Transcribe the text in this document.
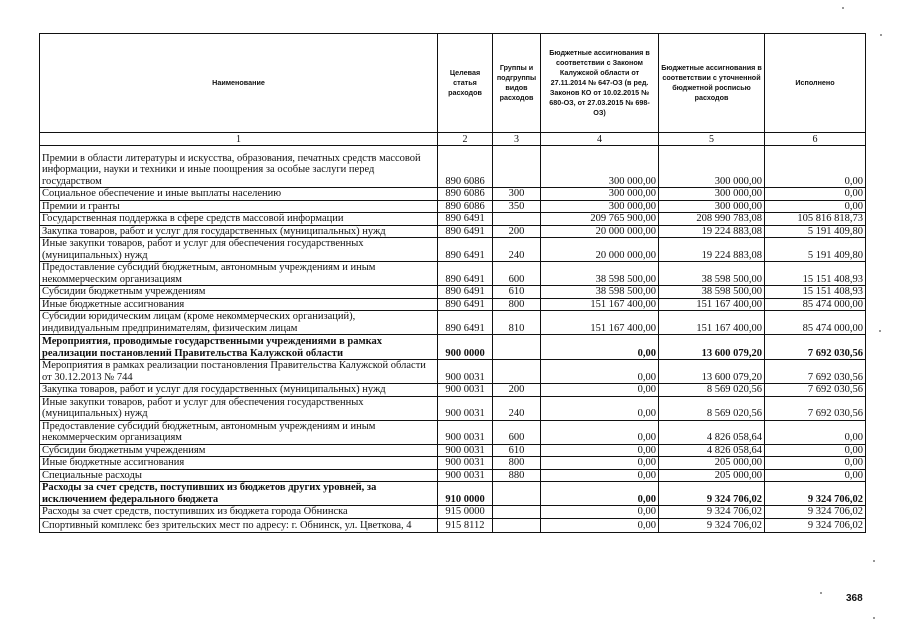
Наименование	Целевая статья расходов	Группы и подгруппы видов расходов	Бюджетные ассигнования в соответствии с Законом Калужской области от 27.11.2014 № 647-ОЗ (в ред. Законов КО от 10.02.2015 № 680-ОЗ, от 27.03.2015 № 698-ОЗ)	Бюджетные ассигнования в соответствии с уточненной бюджетной росписью расходов	Исполнено
1	2	3	4	5	6
Премии в области литературы и искусства, образования, печатных средств массовой информации, науки и техники и иные поощрения за особые заслуги перед государством	890 6086		300 000,00	300 000,00	0,00
Социальное обеспечение и иные выплаты населению	890 6086	300	300 000,00	300 000,00	0,00
Премии и гранты	890 6086	350	300 000,00	300 000,00	0,00
Государственная поддержка в сфере средств массовой информации	890 6491		209 765 900,00	208 990 783,08	105 816 818,73
Закупка товаров, работ и услуг для государственных (муниципальных) нужд	890 6491	200	20 000 000,00	19 224 883,08	5 191 409,80
Иные закупки товаров, работ и услуг для обеспечения государственных (муниципальных) нужд	890 6491	240	20 000 000,00	19 224 883,08	5 191 409,80
Предоставление субсидий бюджетным, автономным учреждениям и иным некоммерческим организациям	890 6491	600	38 598 500,00	38 598 500,00	15 151 408,93
Субсидии бюджетным учреждениям	890 6491	610	38 598 500,00	38 598 500,00	15 151 408,93
Иные бюджетные ассигнования	890 6491	800	151 167 400,00	151 167 400,00	85 474 000,00
Субсидии юридическим лицам (кроме некоммерческих организаций), индивидуальным предпринимателям, физическим лицам	890 6491	810	151 167 400,00	151 167 400,00	85 474 000,00
Мероприятия, проводимые государственными учреждениями в рамках реализации постановлений Правительства Калужской области	900 0000		0,00	13 600 079,20	7 692 030,56
Мероприятия в рамках реализации постановления Правительства Калужской области от 30.12.2013 № 744	900 0031		0,00	13 600 079,20	7 692 030,56
Закупка товаров, работ и услуг для государственных (муниципальных) нужд	900 0031	200	0,00	8 569 020,56	7 692 030,56
Иные закупки товаров, работ и услуг для обеспечения государственных (муниципальных) нужд	900 0031	240	0,00	8 569 020,56	7 692 030,56
Предоставление субсидий бюджетным, автономным учреждениям и иным некоммерческим организациям	900 0031	600	0,00	4 826 058,64	0,00
Субсидии бюджетным учреждениям	900 0031	610	0,00	4 826 058,64	0,00
Иные бюджетные ассигнования	900 0031	800	0,00	205 000,00	0,00
Специальные расходы	900 0031	880	0,00	205 000,00	0,00
Расходы за счет средств, поступивших из бюджетов других уровней, за исключением федерального бюджета	910 0000		0,00	9 324 706,02	9 324 706,02
Расходы за счет средств, поступивших из бюджета города Обнинска	915 0000		0,00	9 324 706,02	9 324 706,02
Спортивный комплекс без зрительских мест по адресу: г. Обнинск, ул. Цветкова, 4	915 8112		0,00	9 324 706,02	9 324 706,02
368
